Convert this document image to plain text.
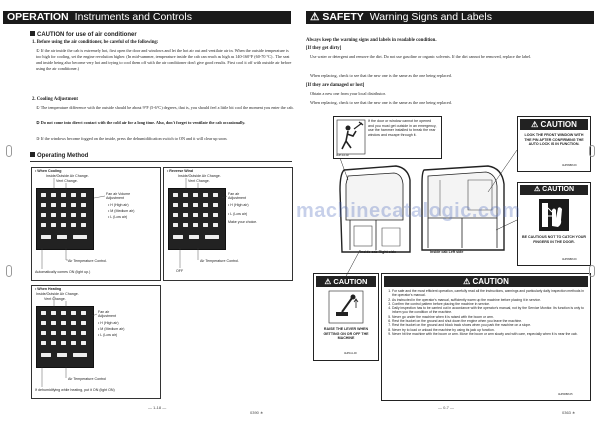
OPERATION Instruments and Controls
CAUTION for use of air conditioner
1. Before using the air conditioner, be careful of the following:
① If the air inside the cab is extremely hot, first open the door and windows and let the hot air out and ventilate air in. When the outside temperature is too high for cooling, set the engine revolution higher. (In mid-summer, temperature inside the cab can reach as high as 140-160°F (60-70 °C) . The seat and inside being also become very hot and trying to cool them off with the air conditioner don't give good results. First cool it off with outside air before using the air conditioner.)
2. Cooling Adjustment
① The temperature difference with the outside should be about 9°F (5-6°C) degrees, that is, you should feel a little bit cool the moment you enter the cab.
② Do not come into direct contact with the cold air for a long time. Also, don't forget to ventilate the cab occasionally.
③ If the windows become fogged on the inside, press the dehumidification switch to ON and it will clear up soon.
Operating Method
• When Cooling
Inside/Outside Air Change.
Vent Change.
Fan air Volume
Adjustment
• H (High air)
• M (Medium air)
• L (Low air)
Air Temperature Control.
Automatically comes ON (light up.)
• Reverse Wind
Inside/Outside Air Change.
Vent Change.
Fan air
Adjustment
• H (High air)
• L (Low air)
Make your choice.
Air Temperature Control.
OFF
• When Heating
Inside/Outside Air Change.
Vent Change.
Fan air
Adjustment
• H (High air)
• M (Medium air)
• L (Low air)
Air Temperature Control
If dehumidifying while heating, put it ON (light ON)
— 1-18 —
0390 ∗
⚠ SAFETY Warning Signs and Labels
Always keep the warning signs and labels in readable condition.
[If they get dirty]
Use water or detergent and remove the dirt. Do not use gasoline or organic solvents. If the dirt cannot be removed, replace the label.
When replacing, check to see that the new one is the same as the one being replaced.
[If they are damaged or lost]
Obtain a new one from your local distributor.
When replacing, check to see that the new one is the same as the one being replaced.
If the door or window cannot be opened and you must get outside in an emergency, use the hammer installed to break the rear window and escape through it.
4HP-1A-92
⚠ CAUTION
LOOK THE FRONT WINDOW WITH THE PIN AFTER CONFIRMING THE AUTO LOCK IS IN FUNCTION.
4HP9988-09
⚠ CAUTION
BE CAUTIOUS NOT TO CATCH YOUR FINGERS IN THE DOOR.
4HP9988-09
Inside cab Right side	Inside cab Left side
⚠ CAUTION
RAISE THE LEVER WHEN GETTING ON OR OFF THE MACHINE
4HP111-00
⚠ CAUTION
1. For safe and the most efficient operation, carefully read all the instructions, warnings and particularly daily inspection methods in the operator's manual.
2. As instructed in the operator's manual, sufficiently warm up the machine before placing it in service.
3. Confirm the control pattern before placing the machine in service.
4. Daily inspection has to be carried out in accordance with the operator's manual, not by the Service Monitor. Its function is only to inform you the condition of the machine.
5. Never go under the machine when it is raised with the boom or arm.
6. Rest the bucket on the ground and shut down the engine when you leave the machine.
7. Rest the bucket on the ground and block track shoes when you park the machine on a slope.
8. Never try to load or unload the machine by using its jack up function.
9. Never hit the machine with the boom or arm. Move the boom or arm slowly and with care, especially when it is near the cab.
4HP9088-05
— 0-7 —
0363 ∗
machinecatalogic.com
